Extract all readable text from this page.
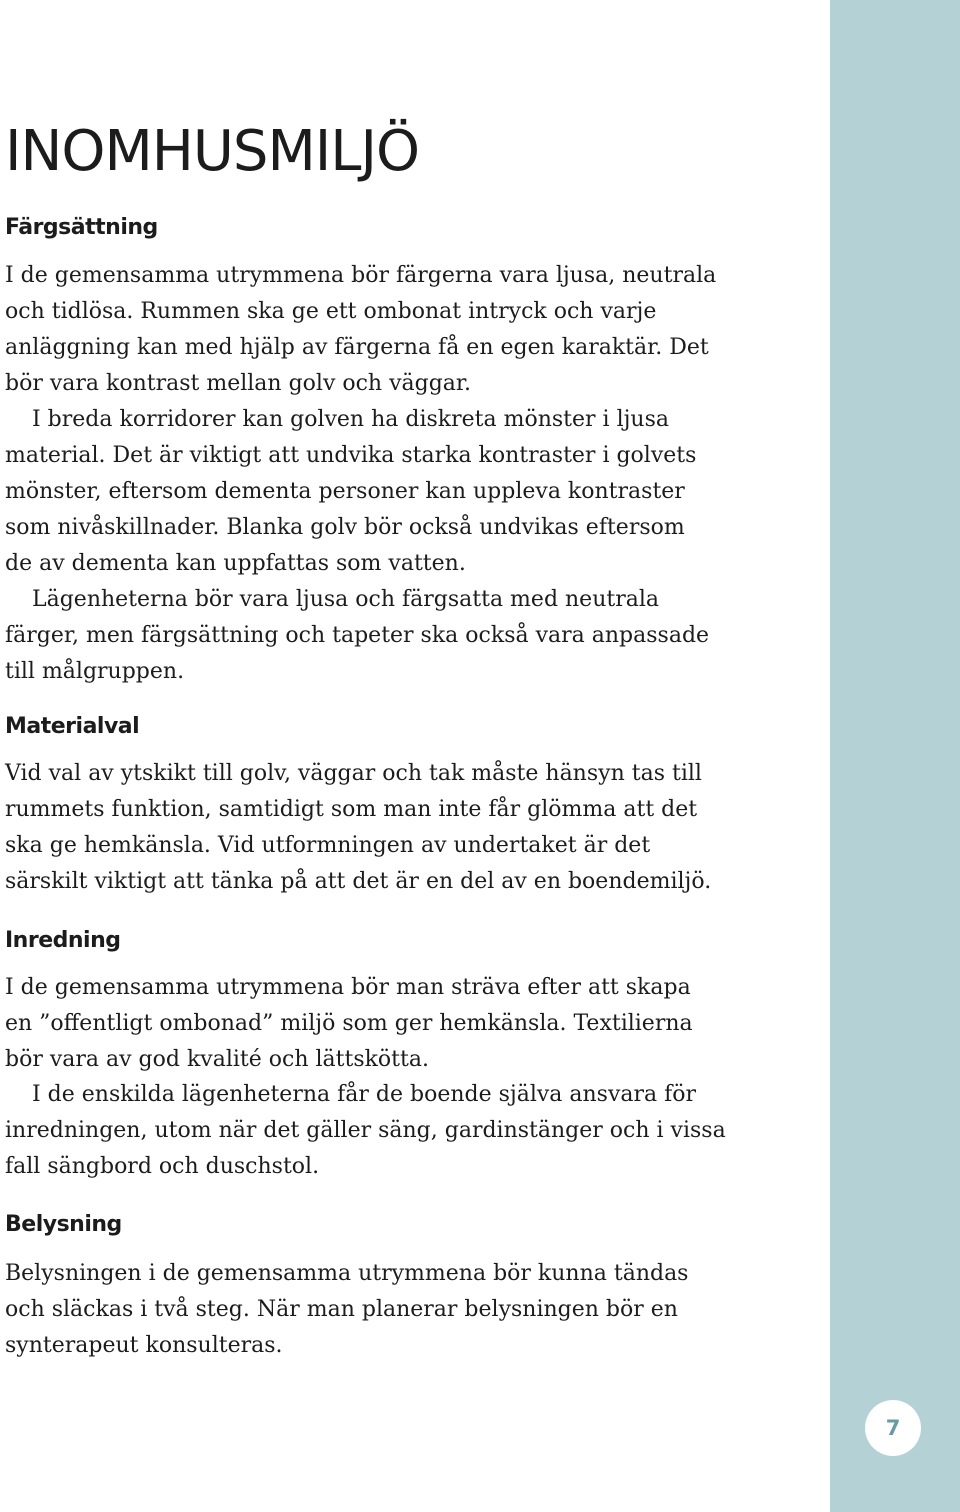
7
INOMHUSMILJÖ
Färgsättning

I de gemensamma utrymmena bör färgerna vara ljusa, neutrala
och tidlösa. Rummen ska ge ett ombonat intryck och varje
anläggning kan med hjälp av färgerna få en egen karaktär. Det
bör vara kontrast mellan golv och väggar.

I breda korridorer kan golven ha diskreta mönster i ljusa
material. Det är viktigt att undvika starka kontraster i golvets
mönster, eftersom dementa personer kan uppleva kontraster
som nivåskillnader. Blanka golv bör också undvikas eftersom
de av dementa kan uppfattas som vatten.

Lägenheterna bör vara ljusa och färgsatta med neutrala
färger, men färgsättning och tapeter ska också vara anpassade
till målgruppen.

Materialval

Vid val av ytskikt till golv, väggar och tak måste hänsyn tas till
rummets funktion, samtidigt som man inte får glömma att det
ska ge hemkänsla. Vid utformningen av undertaket är det
särskilt viktigt att tänka på att det är en del av en boendemiljö.

Inredning

I de gemensamma utrymmena bör man sträva efter att skapa
en ”offentligt ombonad” miljö som ger hemkänsla. Textilierna
bör vara av god kvalité och lättskötta.

I de enskilda lägenheterna får de boende själva ansvara för
inredningen, utom när det gäller säng, gardinstänger och i vissa
fall sängbord och duschstol.

Belysning

Belysningen i de gemensamma utrymmena bör kunna tändas
och släckas i två steg. När man planerar belysningen bör en
synterapeut konsulteras.
